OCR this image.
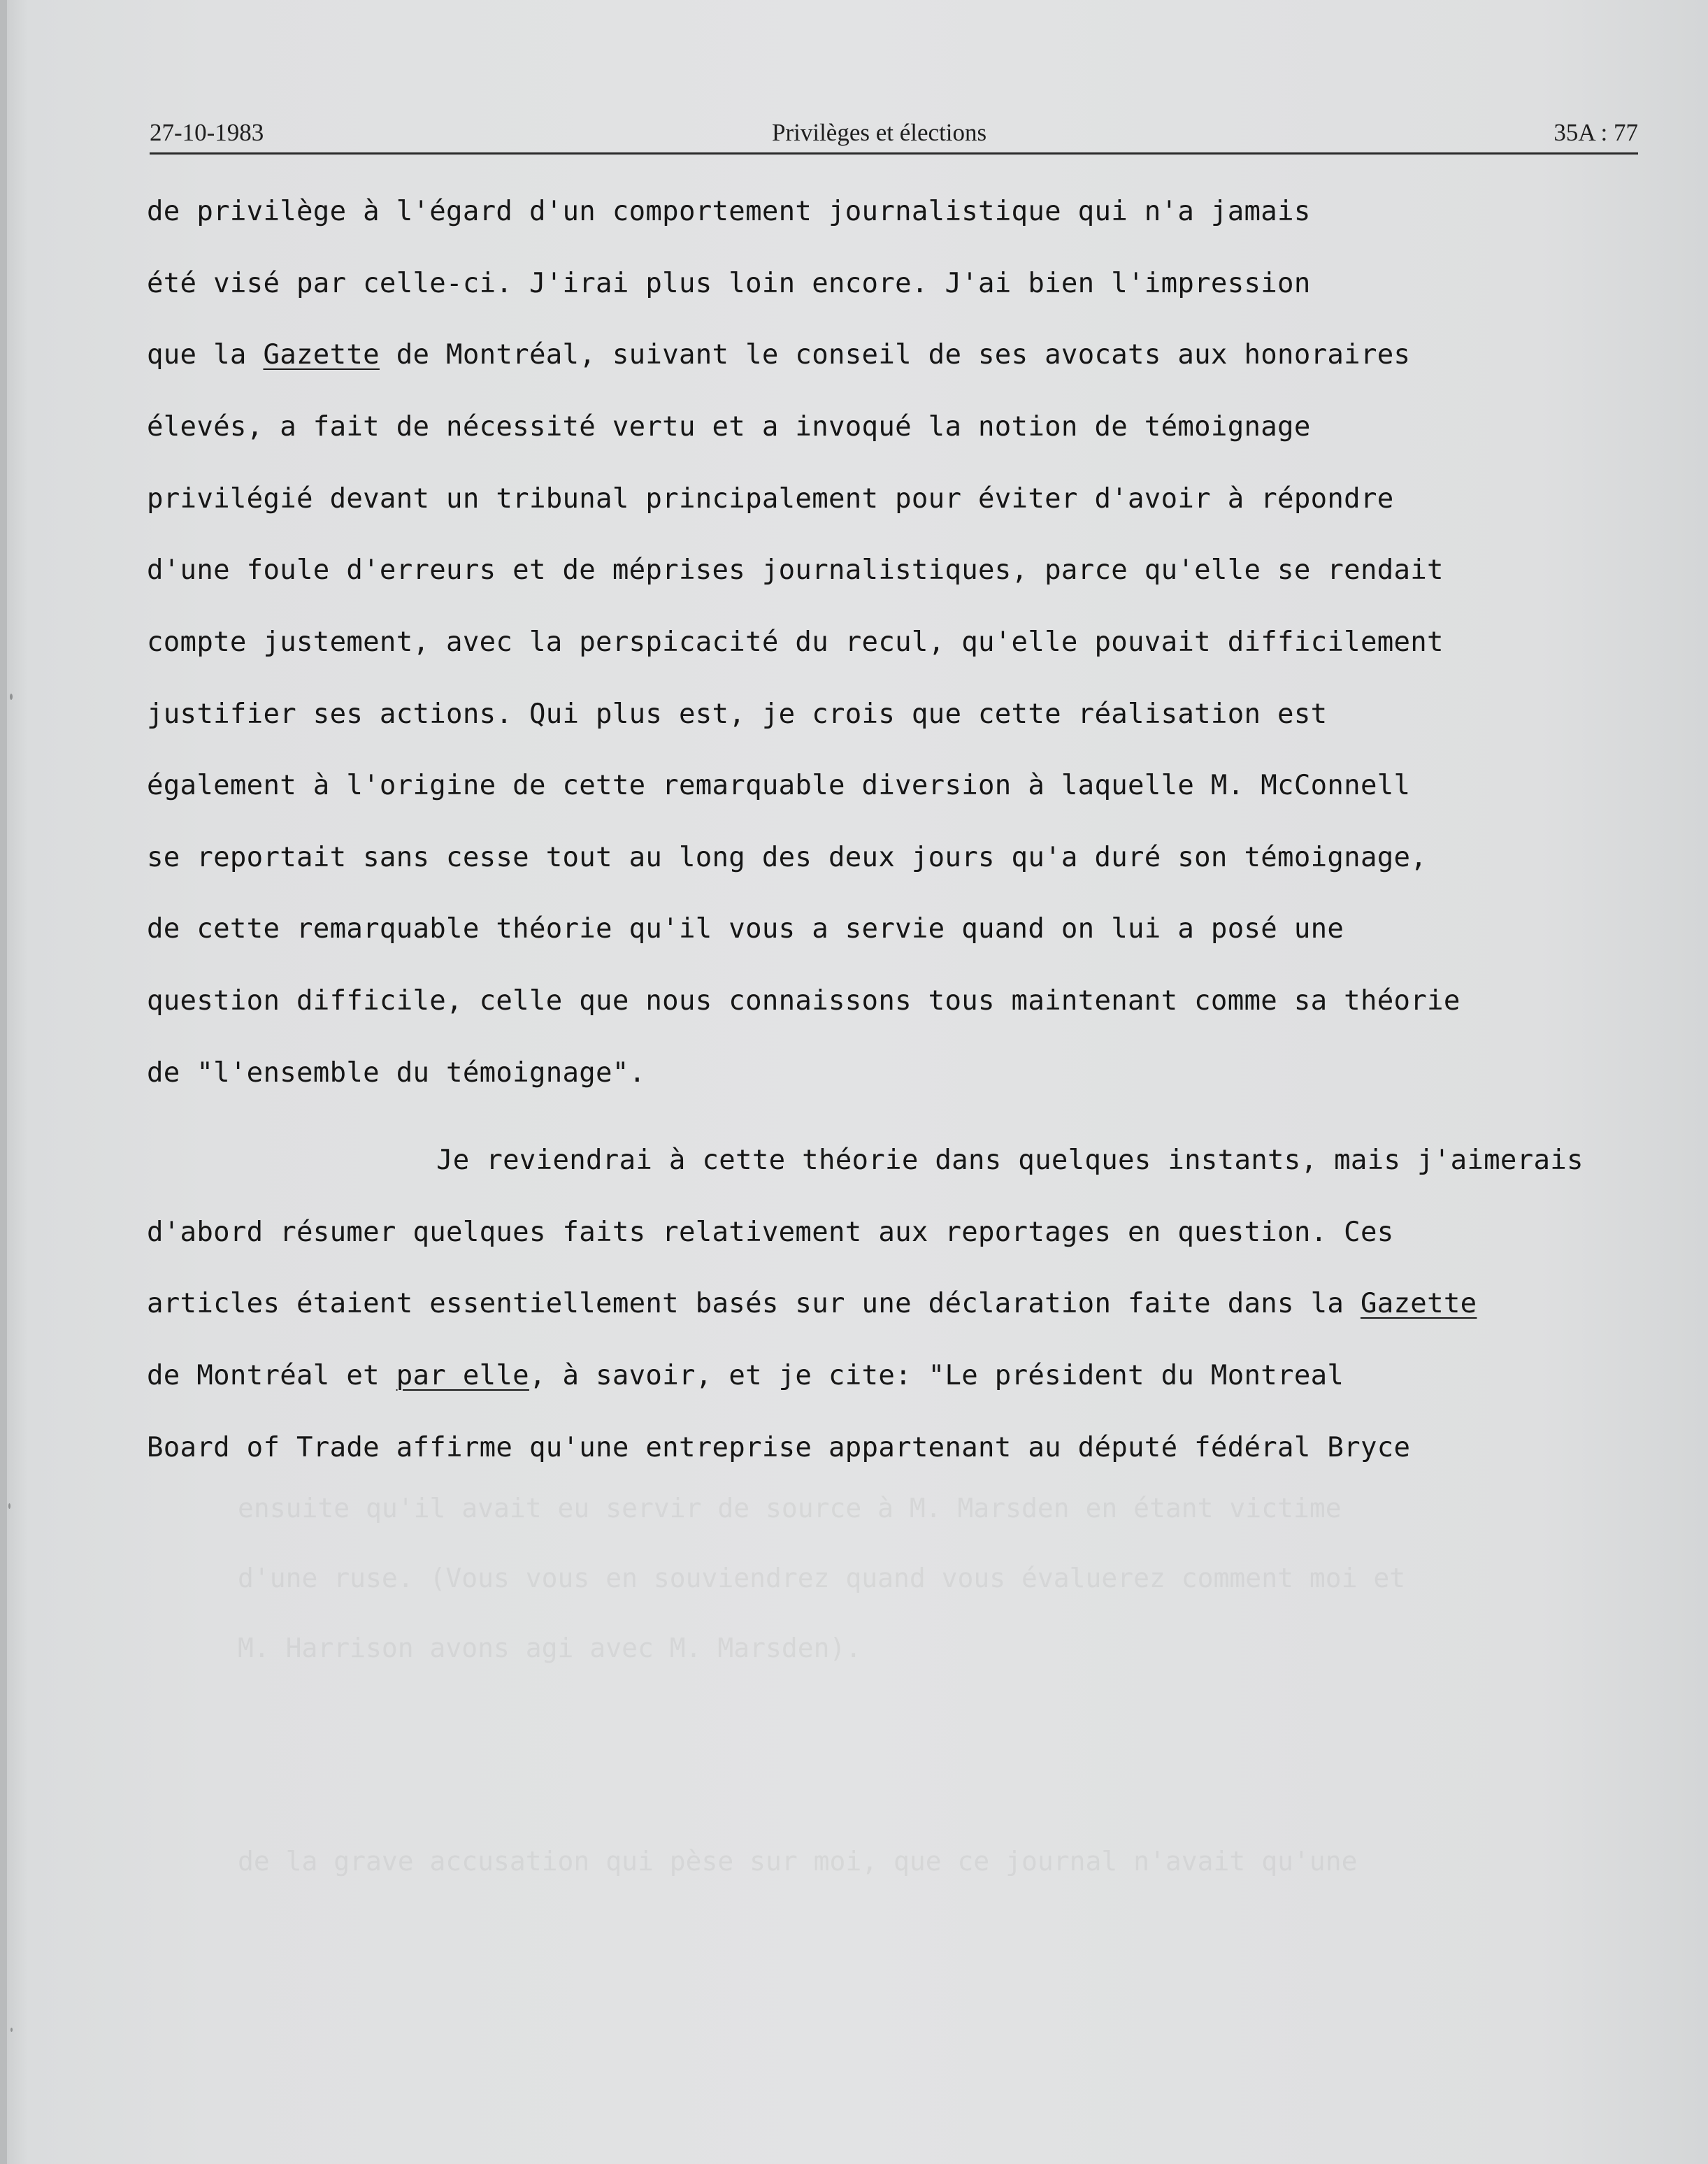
ensuite qu'il avait eu servir de source à M. Marsden en étant victime
d'une ruse. (Vous vous en souviendrez quand vous évaluerez comment moi et
M. Harrison avons agi avec M. Marsden).
de la grave accusation qui pèse sur moi, que ce journal n'avait qu'une
27-10-1983	Privilèges et élections	35A : 77
de privilège à l'égard d'un comportement journalistique qui n'a jamais
été visé par celle-ci. J'irai plus loin encore. J'ai bien l'impression
que la Gazette de Montréal, suivant le conseil de ses avocats aux honoraires
élevés, a fait de nécessité vertu et a invoqué la notion de témoignage
privilégié devant un tribunal principalement pour éviter d'avoir à répondre
d'une foule d'erreurs et de méprises journalistiques, parce qu'elle se rendait
compte justement, avec la perspicacité du recul, qu'elle pouvait difficilement
justifier ses actions. Qui plus est, je crois que cette réalisation est
également à l'origine de cette remarquable diversion à laquelle M. McConnell
se reportait sans cesse tout au long des deux jours qu'a duré son témoignage,
de cette remarquable théorie qu'il vous a servie quand on lui a posé une
question difficile, celle que nous connaissons tous maintenant comme sa théorie
de "l'ensemble du témoignage".
Je reviendrai à cette théorie dans quelques instants, mais j'aimerais
d'abord résumer quelques faits relativement aux reportages en question. Ces
articles étaient essentiellement basés sur une déclaration faite dans la Gazette
de Montréal et par elle, à savoir, et je cite: "Le président du Montreal
Board of Trade affirme qu'une entreprise appartenant au député fédéral Bryce
